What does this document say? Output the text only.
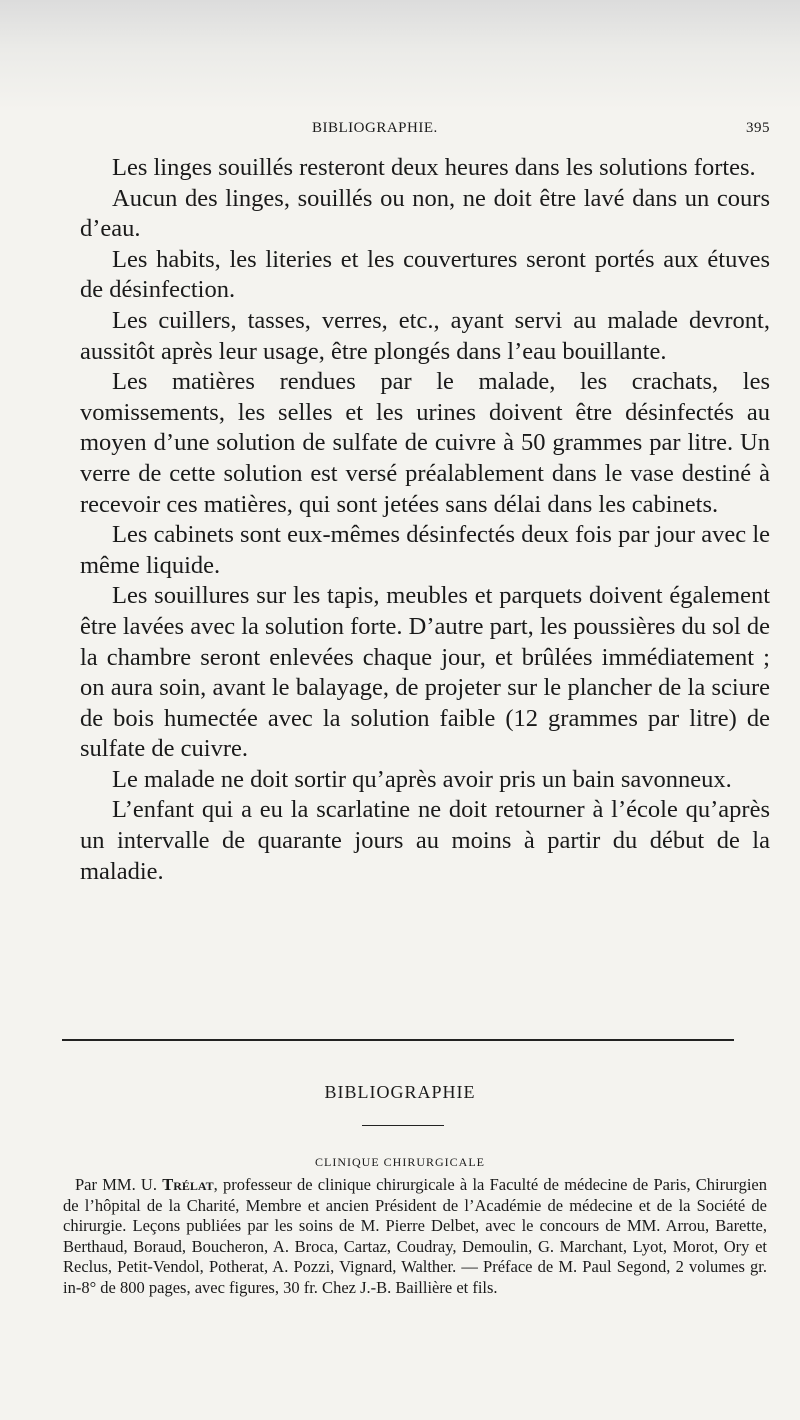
BIBLIOGRAPHIE.	395

Les linges souillés resteront deux heures dans les solutions fortes.

Aucun des linges, souillés ou non, ne doit être lavé dans un cours d’eau.

Les habits, les literies et les couvertures seront portés aux étuves de désinfection.

Les cuillers, tasses, verres, etc., ayant servi au malade devront, aussitôt après leur usage, être plongés dans l’eau bouillante.

Les matières rendues par le malade, les crachats, les vomissements, les selles et les urines doivent être désinfectés au moyen d’une solution de sulfate de cuivre à 50 grammes par litre. Un verre de cette solution est versé préalablement dans le vase destiné à recevoir ces matières, qui sont jetées sans délai dans les cabinets.

Les cabinets sont eux-mêmes désinfectés deux fois par jour avec le même liquide.

Les souillures sur les tapis, meubles et parquets doivent également être lavées avec la solution forte. D’autre part, les poussières du sol de la chambre seront enlevées chaque jour, et brûlées immédiatement ; on aura soin, avant le balayage, de projeter sur le plancher de la sciure de bois humectée avec la solution faible (12 grammes par litre) de sulfate de cuivre.

Le malade ne doit sortir qu’après avoir pris un bain savonneux.

L’enfant qui a eu la scarlatine ne doit retourner à l’école qu’après un intervalle de quarante jours au moins à partir du début de la maladie.

BIBLIOGRAPHIE
CLINIQUE CHIRURGICALE

Par MM. U. Trélat, professeur de clinique chirurgicale à la Faculté de médecine de Paris, Chirurgien de l’hôpital de la Charité, Membre et ancien Président de l’Académie de médecine et de la Société de chirurgie. Leçons publiées par les soins de M. Pierre Delbet, avec le concours de MM. Arrou, Barette, Berthaud, Boraud, Boucheron, A. Broca, Cartaz, Coudray, Demoulin, G. Marchant, Lyot, Morot, Ory et Reclus, Petit-Vendol, Potherat, A. Pozzi, Vignard, Walther. — Préface de M. Paul Segond, 2 volumes gr. in-8° de 800 pages, avec figures, 30 fr. Chez J.-B. Baillière et fils.
